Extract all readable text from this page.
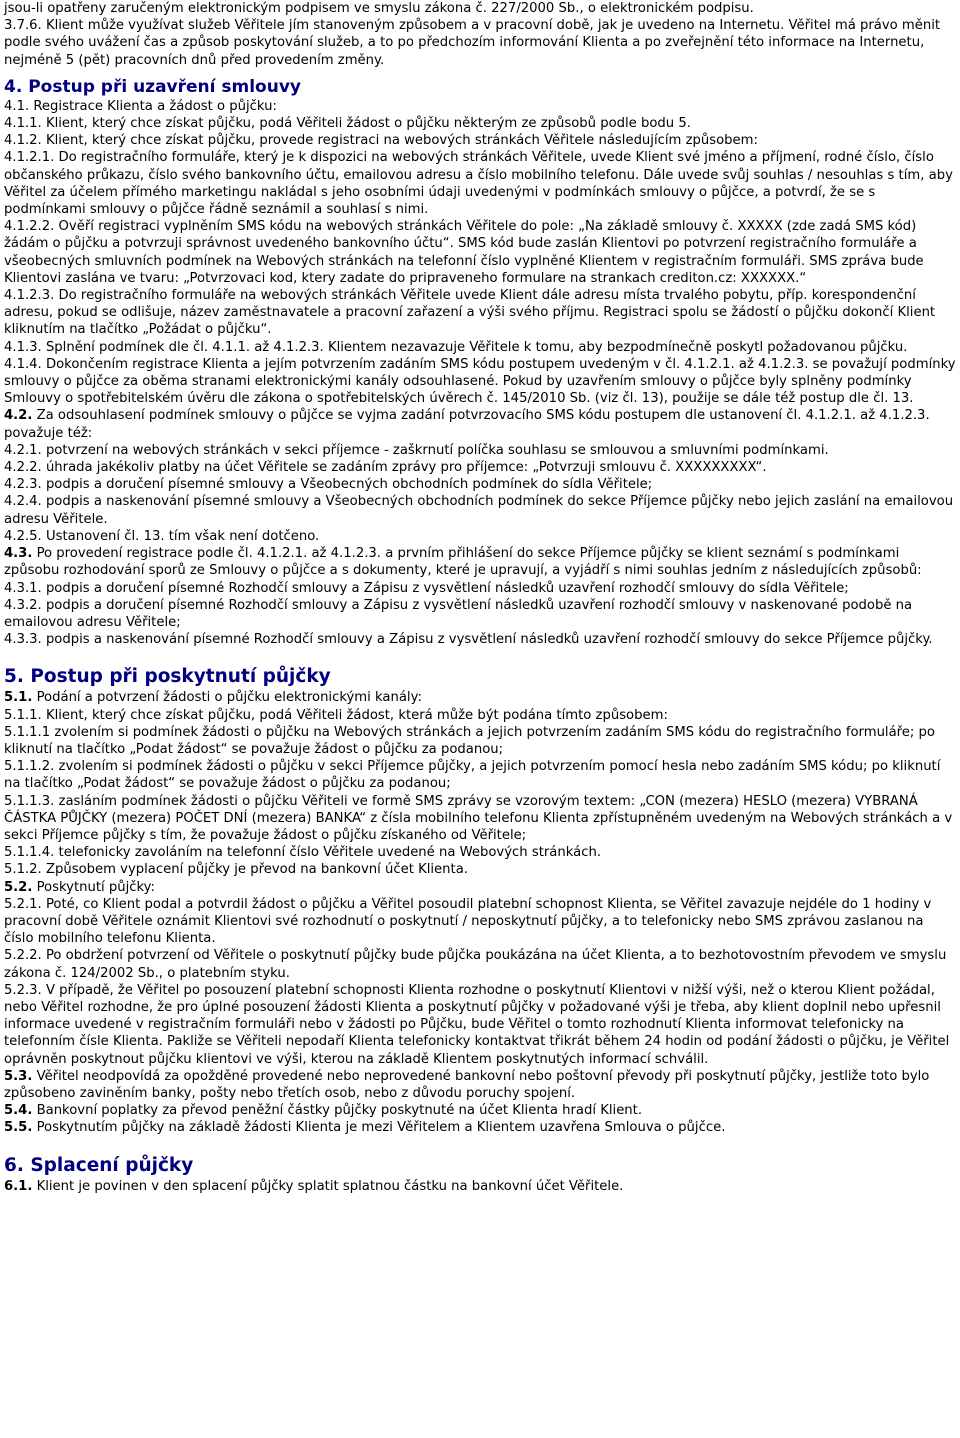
jsou-li opatřeny zaručeným elektronickým podpisem ve smyslu zákona č. 227/2000 Sb., o elektronickém podpisu.
3.7.6. Klient může využívat služeb Věřitele jím stanoveným způsobem a v pracovní době, jak je uvedeno na Internetu. Věřitel má právo měnit podle svého uvážení čas a způsob poskytování služeb, a to po předchozím informování Klienta a po zveřejnění této informace na Internetu, nejméně 5 (pět) pracovních dnů před provedením změny.
4. Postup při uzavření smlouvy
4.1. Registrace Klienta a žádost o půjčku:
4.1.1. Klient, který chce získat půjčku, podá Věřiteli žádost o půjčku některým ze způsobů podle bodu 5.
4.1.2. Klient, který chce získat půjčku, provede registraci na webových stránkách Věřitele následujícím způsobem:
4.1.2.1. Do registračního formuláře, který je k dispozici na webových stránkách Věřitele, uvede Klient své jméno a příjmení, rodné číslo, číslo občanského průkazu, číslo svého bankovního účtu, emailovou adresu a číslo mobilního telefonu. Dále uvede svůj souhlas / nesouhlas s tím, aby Věřitel za účelem přímého marketingu nakládal s jeho osobními údaji uvedenými v podmínkách smlouvy o půjčce, a potvrdí, že se s podmínkami smlouvy o půjčce řádně seznámil a souhlasí s nimi.
4.1.2.2. Ověří registraci vyplněním SMS kódu na webových stránkách Věřitele do pole: „Na základě smlouvy č. XXXXX (zde zadá SMS kód) žádám o půjčku a potvrzuji správnost uvedeného bankovního účtu“. SMS kód bude zaslán Klientovi po potvrzení registračního formuláře a všeobecných smluvních podmínek na Webových stránkách na telefonní číslo vyplněné Klientem v registračním formuláři. SMS zpráva bude Klientovi zaslána ve tvaru: „Potvrzovaci kod, ktery zadate do pripraveneho formulare na strankach crediton.cz: XXXXXX.“
4.1.2.3. Do registračního formuláře na webových stránkách Věřitele uvede Klient dále adresu místa trvalého pobytu, příp. korespondenční adresu, pokud se odlišuje, název zaměstnavatele a pracovní zařazení a výši svého příjmu. Registraci spolu se žádostí o půjčku dokončí Klient kliknutím na tlačítko „Požádat o půjčku“.
4.1.3. Splnění podmínek dle čl. 4.1.1. až 4.1.2.3. Klientem nezavazuje Věřitele k tomu, aby bezpodmínečně poskytl požadovanou půjčku.
4.1.4. Dokončením registrace Klienta a jejím potvrzením zadáním SMS kódu postupem uvedeným v čl. 4.1.2.1. až 4.1.2.3. se považují podmínky smlouvy o půjčce za oběma stranami elektronickými kanály odsouhlasené. Pokud by uzavřením smlouvy o půjčce byly splněny podmínky Smlouvy o spotřebitelském úvěru dle zákona o spotřebitelských úvěrech č. 145/2010 Sb. (viz čl. 13), použije se dále též postup dle čl. 13.
4.2. Za odsouhlasení podmínek smlouvy o půjčce se vyjma zadání potvrzovacího SMS kódu postupem dle ustanovení čl. 4.1.2.1. až 4.1.2.3. považuje též:
4.2.1. potvrzení na webových stránkách v sekci příjemce - zaškrnutí políčka souhlasu se smlouvou a smluvními podmínkami.
4.2.2. úhrada jakékoliv platby na účet Věřitele se zadáním zprávy pro příjemce: „Potvrzuji smlouvu č. XXXXXXXXX“.
4.2.3. podpis a doručení písemné smlouvy a Všeobecných obchodních podmínek do sídla Věřitele;
4.2.4. podpis a naskenování písemné smlouvy a Všeobecných obchodních podmínek do sekce Příjemce půjčky nebo jejich zaslání na emailovou adresu Věřitele.
4.2.5. Ustanovení čl. 13. tím však není dotčeno.
4.3. Po provedení registrace podle čl. 4.1.2.1. až 4.1.2.3. a prvním přihlášení do sekce Příjemce půjčky se klient seznámí s podmínkami způsobu rozhodování sporů ze Smlouvy o půjčce a s dokumenty, které je upravují, a vyjádří s nimi souhlas jedním z následujících způsobů:
4.3.1. podpis a doručení písemné Rozhodčí smlouvy a Zápisu z vysvětlení následků uzavření rozhodčí smlouvy do sídla Věřitele;
4.3.2. podpis a doručení písemné Rozhodčí smlouvy a Zápisu z vysvětlení následků uzavření rozhodčí smlouvy v naskenované podobě na emailovou adresu Věřitele;
4.3.3. podpis a naskenování písemné Rozhodčí smlouvy a Zápisu z vysvětlení následků uzavření rozhodčí smlouvy do sekce Příjemce půjčky.
5. Postup při poskytnutí půjčky
5.1. Podání a potvrzení žádosti o půjčku elektronickými kanály:
5.1.1. Klient, který chce získat půjčku, podá Věřiteli žádost, která může být podána tímto způsobem:
5.1.1.1 zvolením si podmínek žádosti o půjčku na Webových stránkách a jejich potvrzením zadáním SMS kódu do registračního formuláře; po kliknutí na tlačítko „Podat žádost“ se považuje žádost o půjčku za podanou;
5.1.1.2. zvolením si podmínek žádosti o půjčku v sekci Příjemce půjčky, a jejich potvrzením pomocí hesla nebo zadáním SMS kódu; po kliknutí na tlačítko „Podat žádost“ se považuje žádost o půjčku za podanou;
5.1.1.3. zasláním podmínek žádosti o půjčku Věřiteli ve formě SMS zprávy se vzorovým textem: „CON (mezera) HESLO (mezera) VYBRANÁ ČÁSTKA PŮJČKY (mezera) POČET DNÍ (mezera) BANKA“ z čísla mobilního telefonu Klienta zpřístupněném uvedeným na Webových stránkách a v sekci Příjemce půjčky s tím, že považuje žádost o půjčku získaného od Věřitele;
5.1.1.4. telefonicky zavoláním na telefonní číslo Věřitele uvedené na Webových stránkách.
5.1.2. Způsobem vyplacení půjčky je převod na bankovní účet Klienta.
5.2. Poskytnutí půjčky:
5.2.1. Poté, co Klient podal a potvrdil žádost o půjčku a Věřitel posoudil platební schopnost Klienta, se Věřitel zavazuje nejdéle do 1 hodiny v pracovní době Věřitele oznámit Klientovi své rozhodnutí o poskytnutí / neposkytnutí půjčky, a to telefonicky nebo SMS zprávou zaslanou na číslo mobilního telefonu Klienta.
5.2.2. Po obdržení potvrzení od Věřitele o poskytnutí půjčky bude půjčka poukázána na účet Klienta, a to bezhotovostním převodem ve smyslu zákona č. 124/2002 Sb., o platebním styku.
5.2.3. V případě, že Věřitel po posouzení platební schopnosti Klienta rozhodne o poskytnutí Klientovi v nižší výši, než o kterou Klient požádal, nebo Věřitel rozhodne, že pro úplné posouzení žádosti Klienta a poskytnutí půjčky v požadované výši je třeba, aby klient doplnil nebo upřesnil informace uvedené v registračním formuláři nebo v žádosti po Půjčku, bude Věřitel o tomto rozhodnutí Klienta informovat telefonicky na telefonním čísle Klienta. Pakliže se Věřiteli nepodaří Klienta telefonicky kontaktvat třikrát během 24 hodin od podání žádosti o půjčku, je Věřitel oprávněn poskytnout půjčku klientovi ve výši, kterou na základě Klientem poskytnutých informací schválil.
5.3. Věřitel neodpovídá za opožděné provedené nebo neprovedené bankovní nebo poštovní převody při poskytnutí půjčky, jestliže toto bylo způsobeno zaviněním banky, pošty nebo třetích osob, nebo z důvodu poruchy spojení.
5.4. Bankovní poplatky za převod peněžní částky půjčky poskytnuté na účet Klienta hradí Klient.
5.5. Poskytnutím půjčky na základě žádosti Klienta je mezi Věřitelem a Klientem uzavřena Smlouva o půjčce.
6. Splacení půjčky
6.1. Klient je povinen v den splacení půjčky splatit splatnou částku na bankovní účet Věřitele.
